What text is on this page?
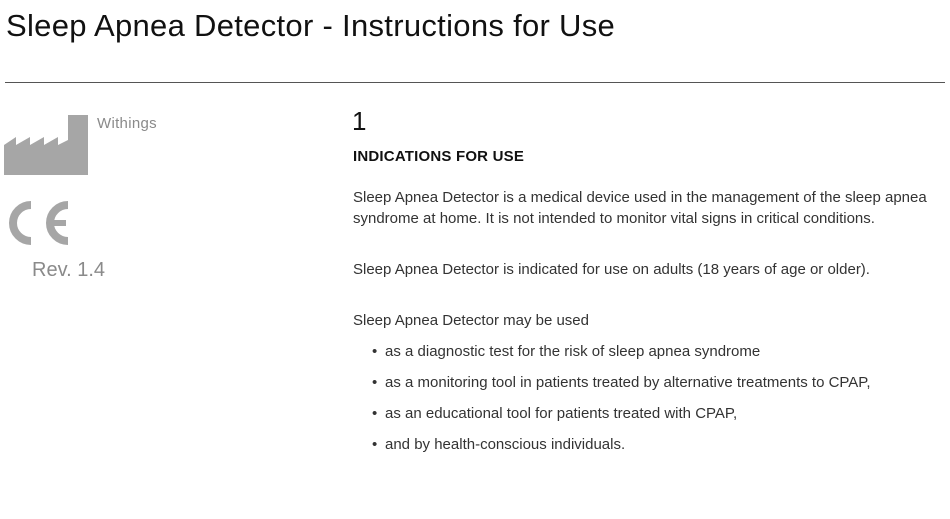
Sleep Apnea Detector - Instructions for Use
Withings
Rev. 1.4
1
INDICATIONS FOR USE

Sleep Apnea Detector is a medical device used in the management of the sleep apnea syndrome at home. It is not intended to monitor vital signs in critical conditions.

Sleep Apnea Detector is indicated for use on adults (18 years of age or older).

Sleep Apnea Detector may be used

• as a diagnostic test for the risk of sleep apnea syndrome
• as a monitoring tool in patients treated by alternative treatments to CPAP,
• as an educational tool for patients treated with CPAP,
• and by health-conscious individuals.
